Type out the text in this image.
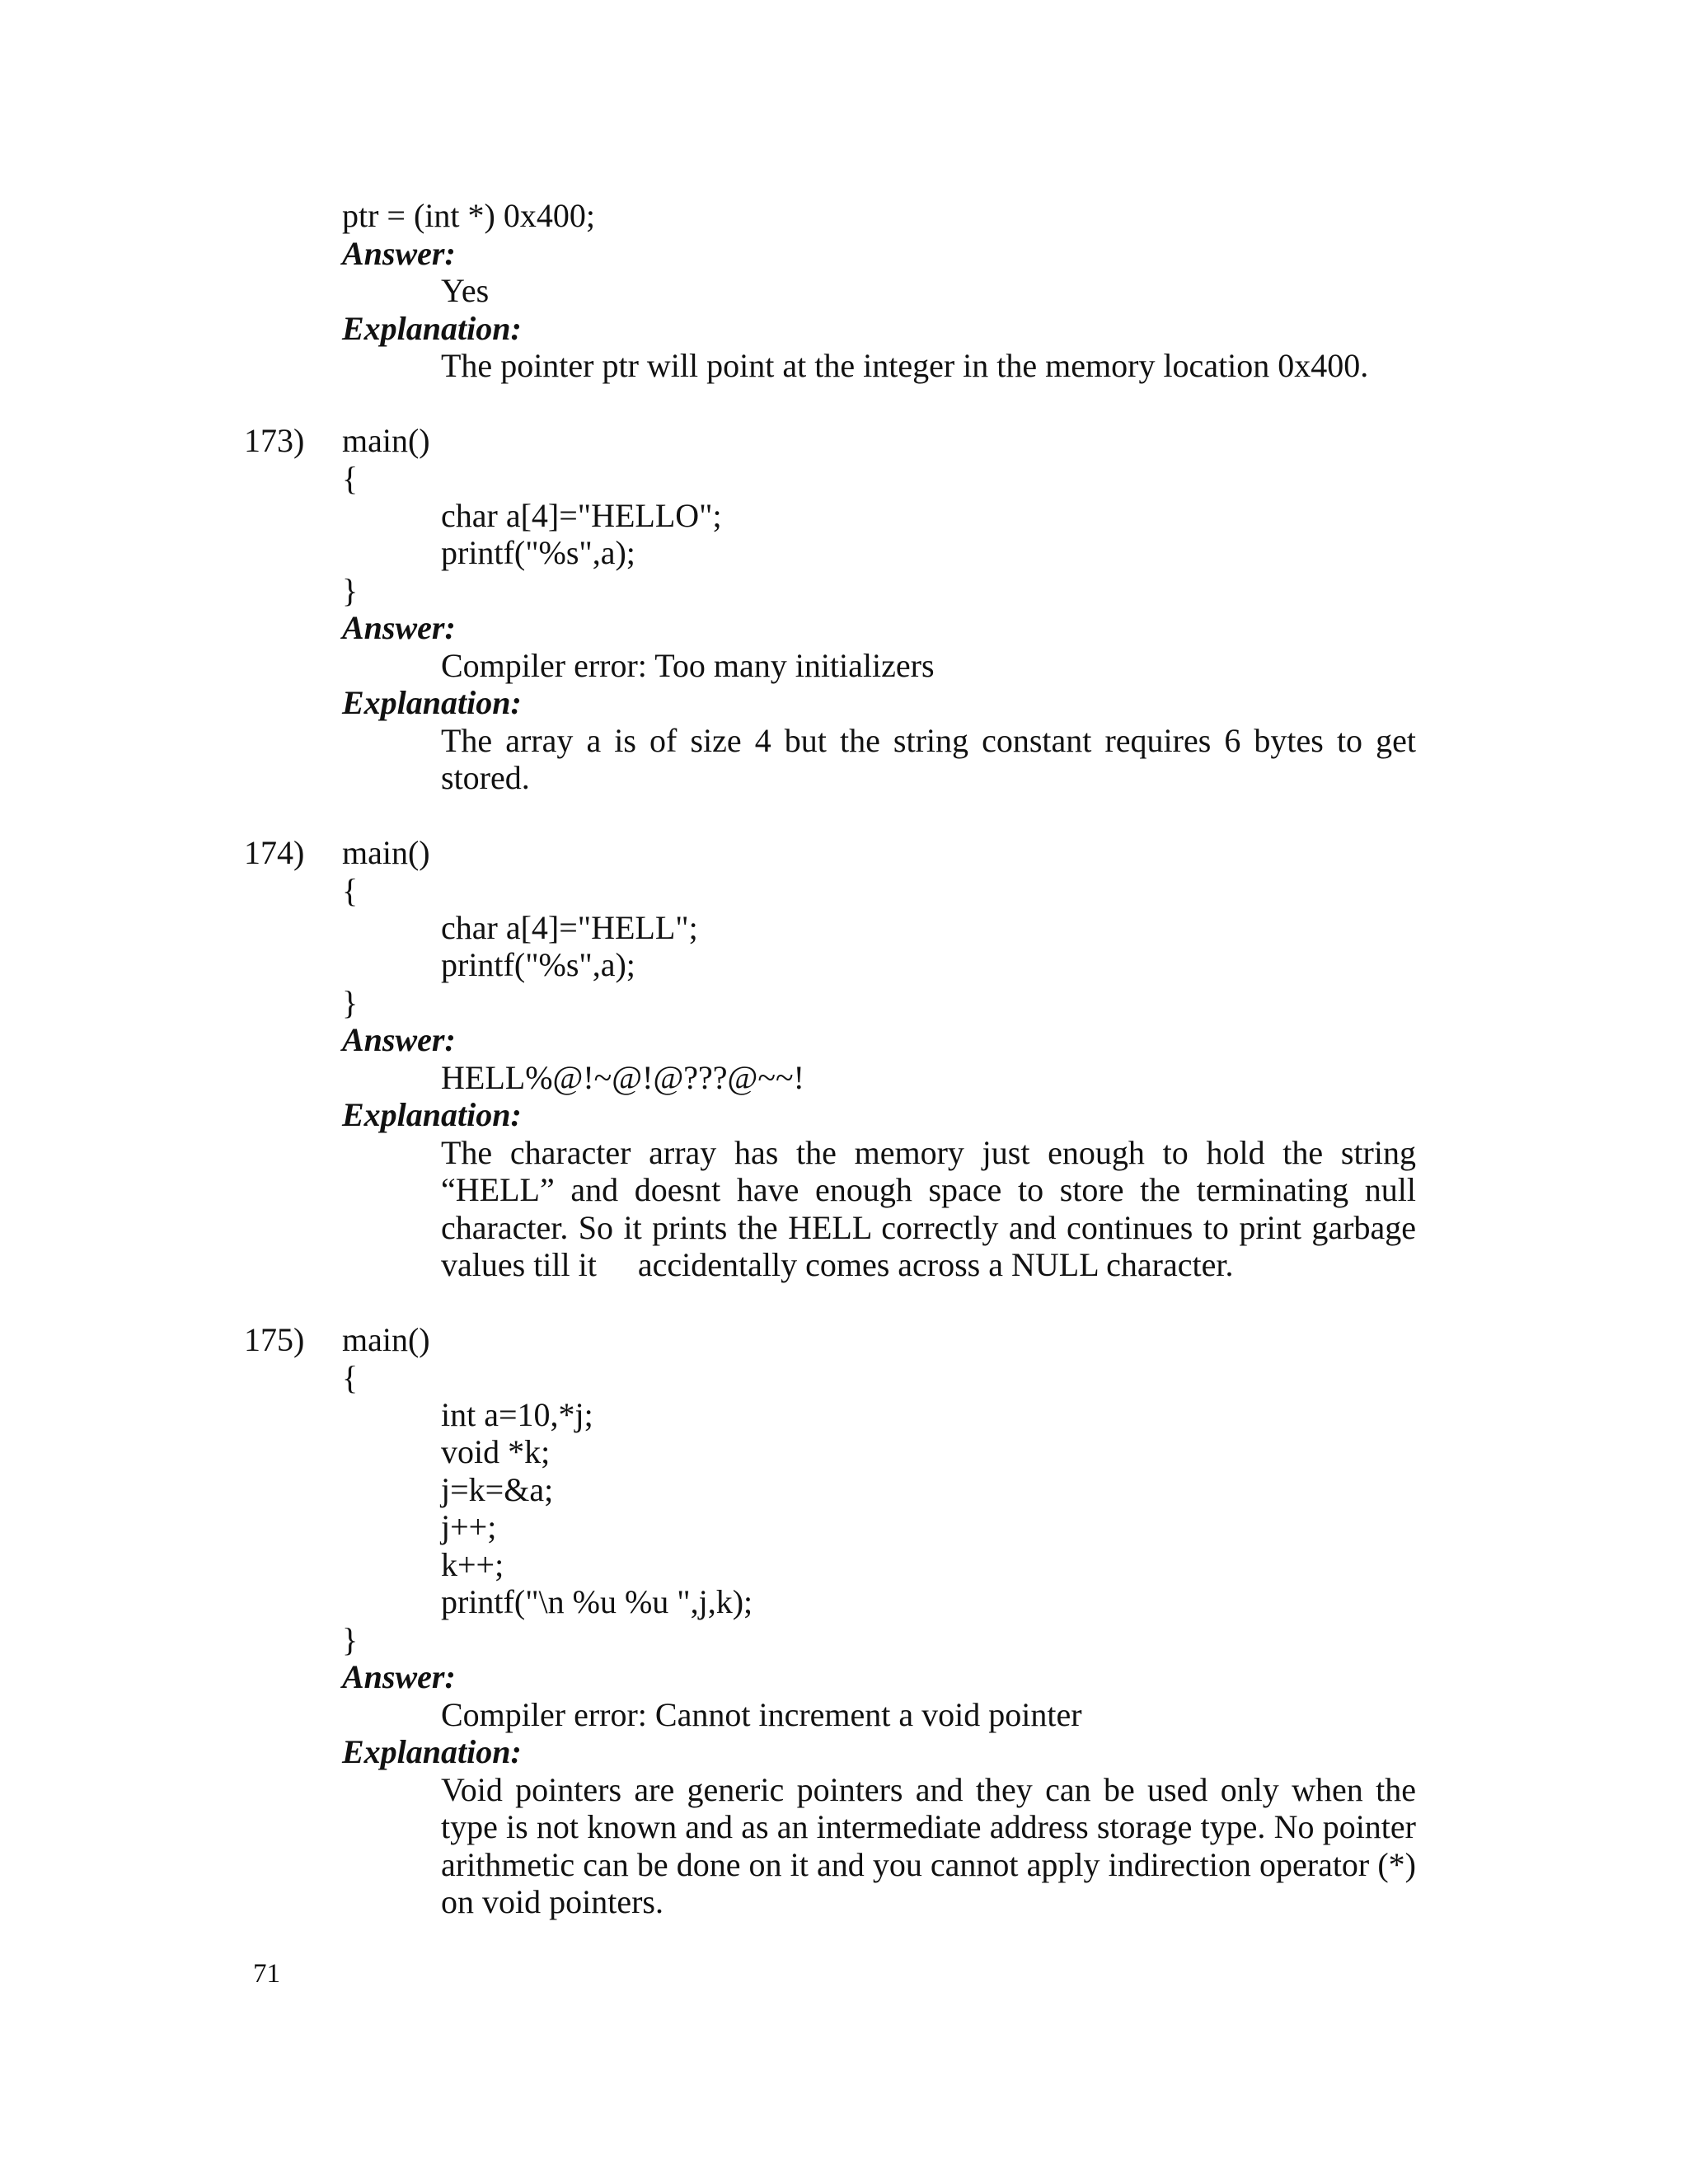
ptr = (int *) 0x400;
Answer:
Yes
Explanation:
The pointer ptr will point at the integer in the memory location 0x400.
173) main()
{
char a[4]="HELLO";
printf("%s",a);
}
Answer:
Compiler error: Too many initializers
Explanation:
The array a is of size 4 but the string constant requires 6 bytes to get
stored.
174) main()
{
char a[4]="HELL";
printf("%s",a);
}
Answer:
HELL%@!~@!@???@~~!
Explanation:
The character array has the memory just enough to hold the string
“HELL” and doesnt have enough space to store the terminating null
character. So it prints the HELL correctly and continues to print garbage
values till it     accidentally comes across a NULL character.
175) main()
{
int a=10,*j;
void *k;
j=k=&a;
j++;
k++;
printf("\n %u %u ",j,k);
}
Answer:
Compiler error: Cannot increment a void pointer
Explanation:
Void pointers are generic pointers and they can be used only when the
type is not known and as an intermediate address storage type. No pointer
arithmetic can be done on it and you cannot apply indirection operator (*)
on void pointers.
71
